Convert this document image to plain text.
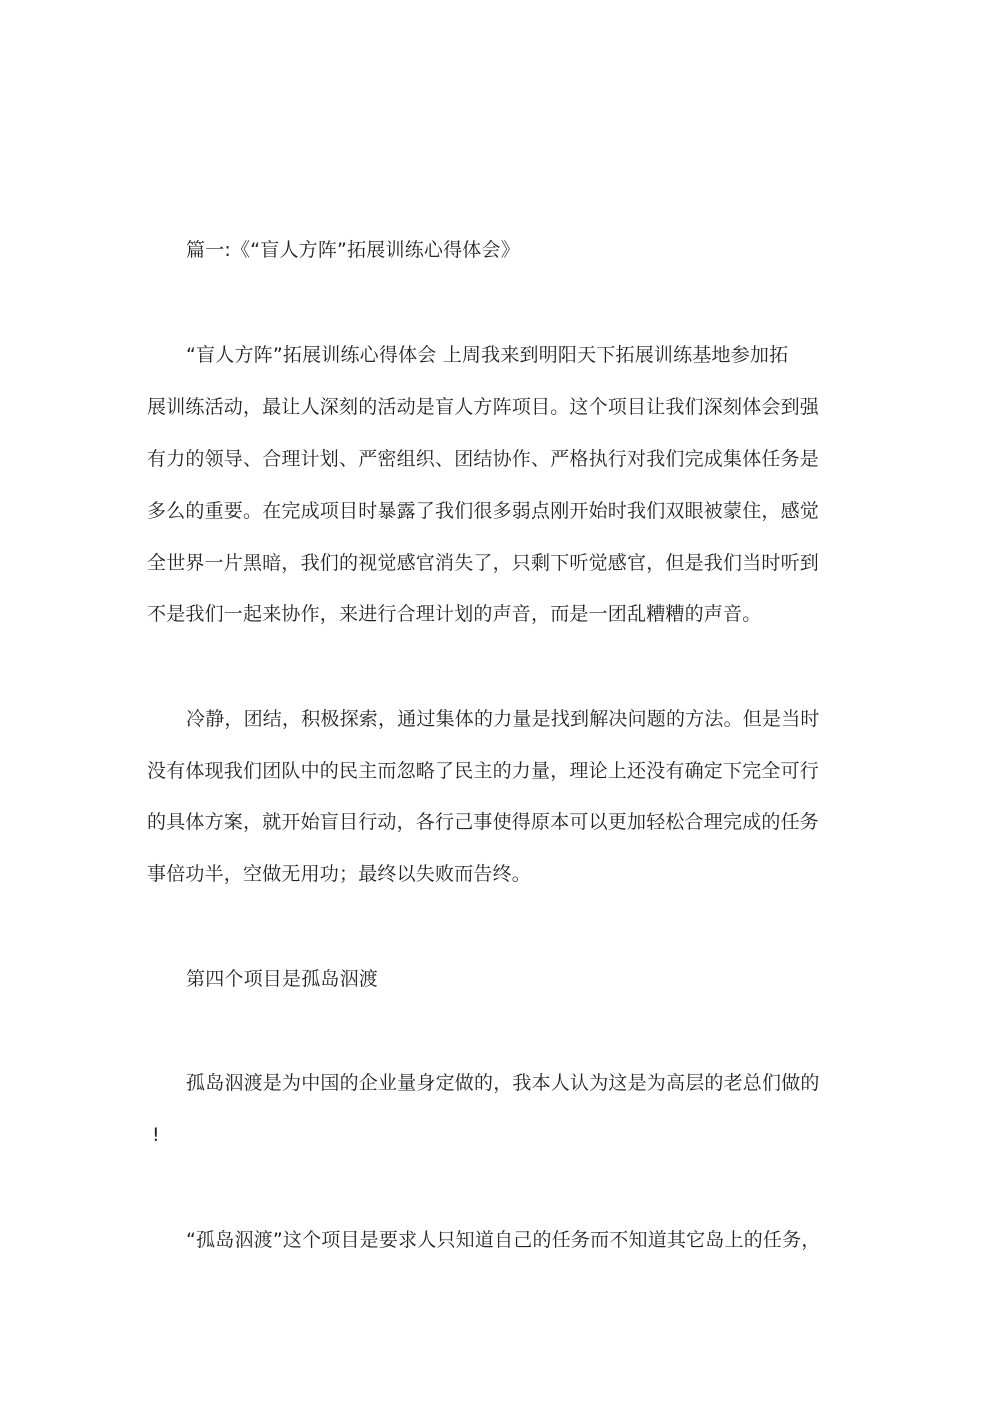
篇一:《“盲人方阵”拓展训练心得体会》
“盲人方阵”拓展训练心得体会 上周我来到明阳天下拓展训练基地参加拓
展训练活动，最让人深刻的活动是盲人方阵项目。这个项目让我们深刻体会到强
有力的领导、合理计划、严密组织、团结协作、严格执行对我们完成集体任务是
多么的重要。在完成项目时暴露了我们很多弱点刚开始时我们双眼被蒙住，感觉
全世界一片黑暗，我们的视觉感官消失了，只剩下听觉感官，但是我们当时听到
不是我们一起来协作，来进行合理计划的声音，而是一团乱糟糟的声音。
冷静，团结，积极探索，通过集体的力量是找到解决问题的方法。但是当时
没有体现我们团队中的民主而忽略了民主的力量，理论上还没有确定下完全可行
的具体方案，就开始盲目行动，各行己事使得原本可以更加轻松合理完成的任务
事倍功半，空做无用功；最终以失败而告终。
第四个项目是孤岛泅渡
孤岛泅渡是为中国的企业量身定做的，我本人认为这是为高层的老总们做的
!
“孤岛泅渡”这个项目是要求人只知道自己的任务而不知道其它岛上的任务，
